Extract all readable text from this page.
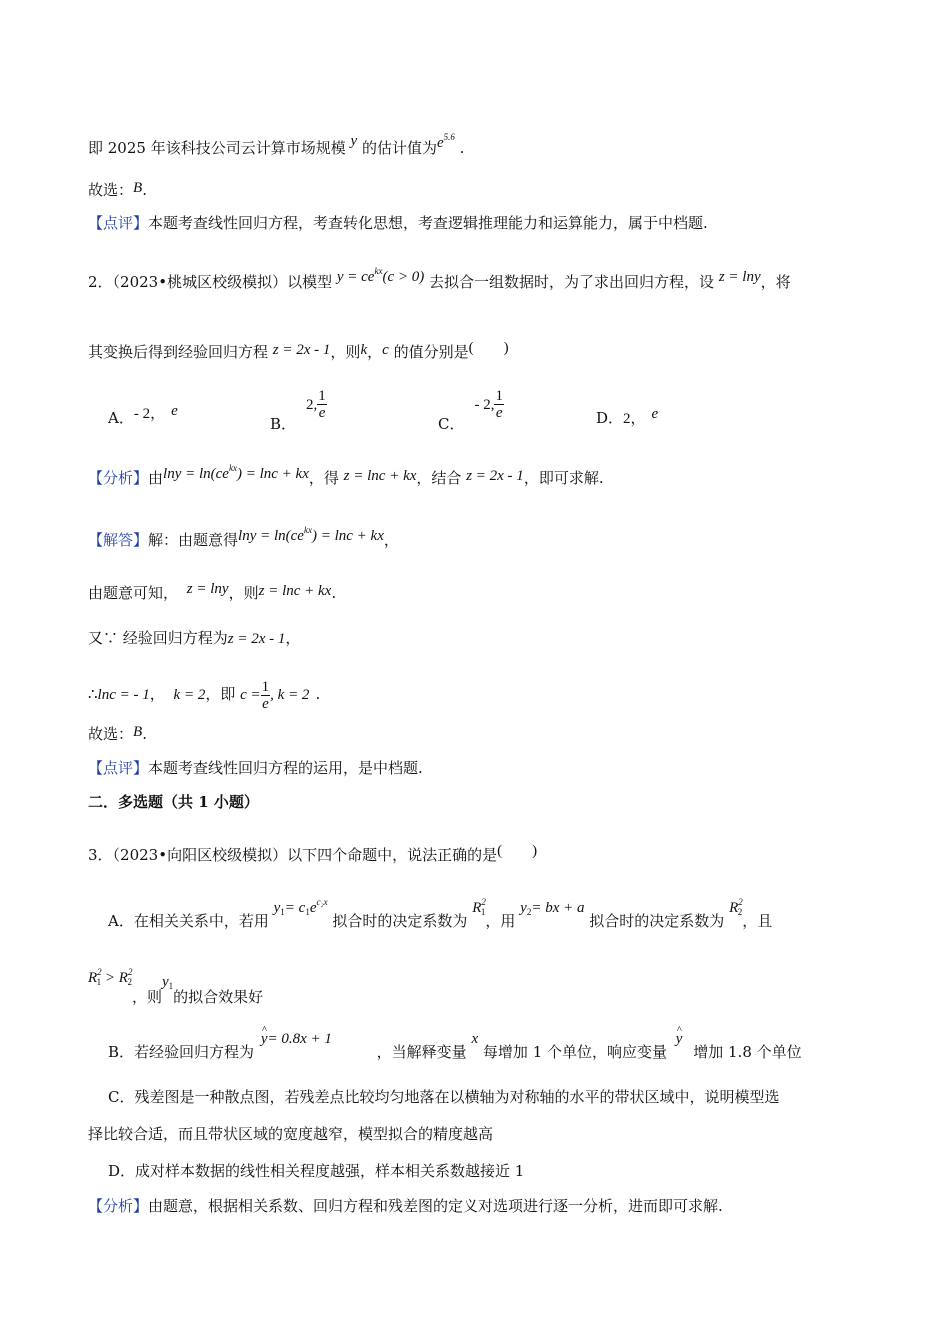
即 2025 年该科技公司云计算市场规模 y 的估计值为$e^{5.6}$ .
故选：B.
【点评】本题考查线性回归方程，考查转化思想，考查逻辑推理能力和运算能力，属于中档题.
2．（2023•桃城区校级模拟）以模型 $y = ce^{kx}(c > 0)$ 去拟合一组数据时，为了求出回归方程，设 z = lny，将
其变换后得到经验回归方程 z = 2x - 1，则k，c 的值分别是(        )
A．- 2， e
B．2, $\frac{1}{e}$
C．- 2, $\frac{1}{e}$	D．2， e
【分析】由$\ln y = \ln(ce^{kx}) = \ln c$ + kx，得 z = lnc + kx，结合 z = 2x - 1，即可求解.
【解答】解：由题意得$\ln y = \ln(ce^{kx}) = \ln c$ + kx，
由题意可知， z = lny，则z = lnc + kx.
又∵ 经验回归方程为z = 2x - 1，
∴lnc = - 1， k = 2，即 $c = \frac{1}{e}$ , k = 2 .
故选：B.
【点评】本题考查线性回归方程的运用，是中档题.
二．多选题（共 1 小题）
3．（2023•向阳区校级模拟）以下四个命题中，说法正确的是(        )
A．在相关关系中，若用 $y_1= c_1e^{c_2x}$ 拟合时的决定系数为 $R^2_1$，用 $y_2=$ bx + a 拟合时的决定系数为 $R^2_2$，且
$R^2_1 > R^2_2$，则$y_1$的拟合效果好
B．若经验回归方程为 ^ y= 0.8x + 1 ，当解释变量 x 每增加 1 个单位，响应变量 ^ y 增加 1.8 个单位
C．残差图是一种散点图，若残差点比较均匀地落在以横轴为对称轴的水平的带状区域中，说明模型选
择比较合适，而且带状区域的宽度越窄，模型拟合的精度越高
D．成对样本数据的线性相关程度越强，样本相关系数越接近 1
【分析】由题意，根据相关系数、回归方程和残差图的定义对选项进行逐一分析，进而即可求解.
